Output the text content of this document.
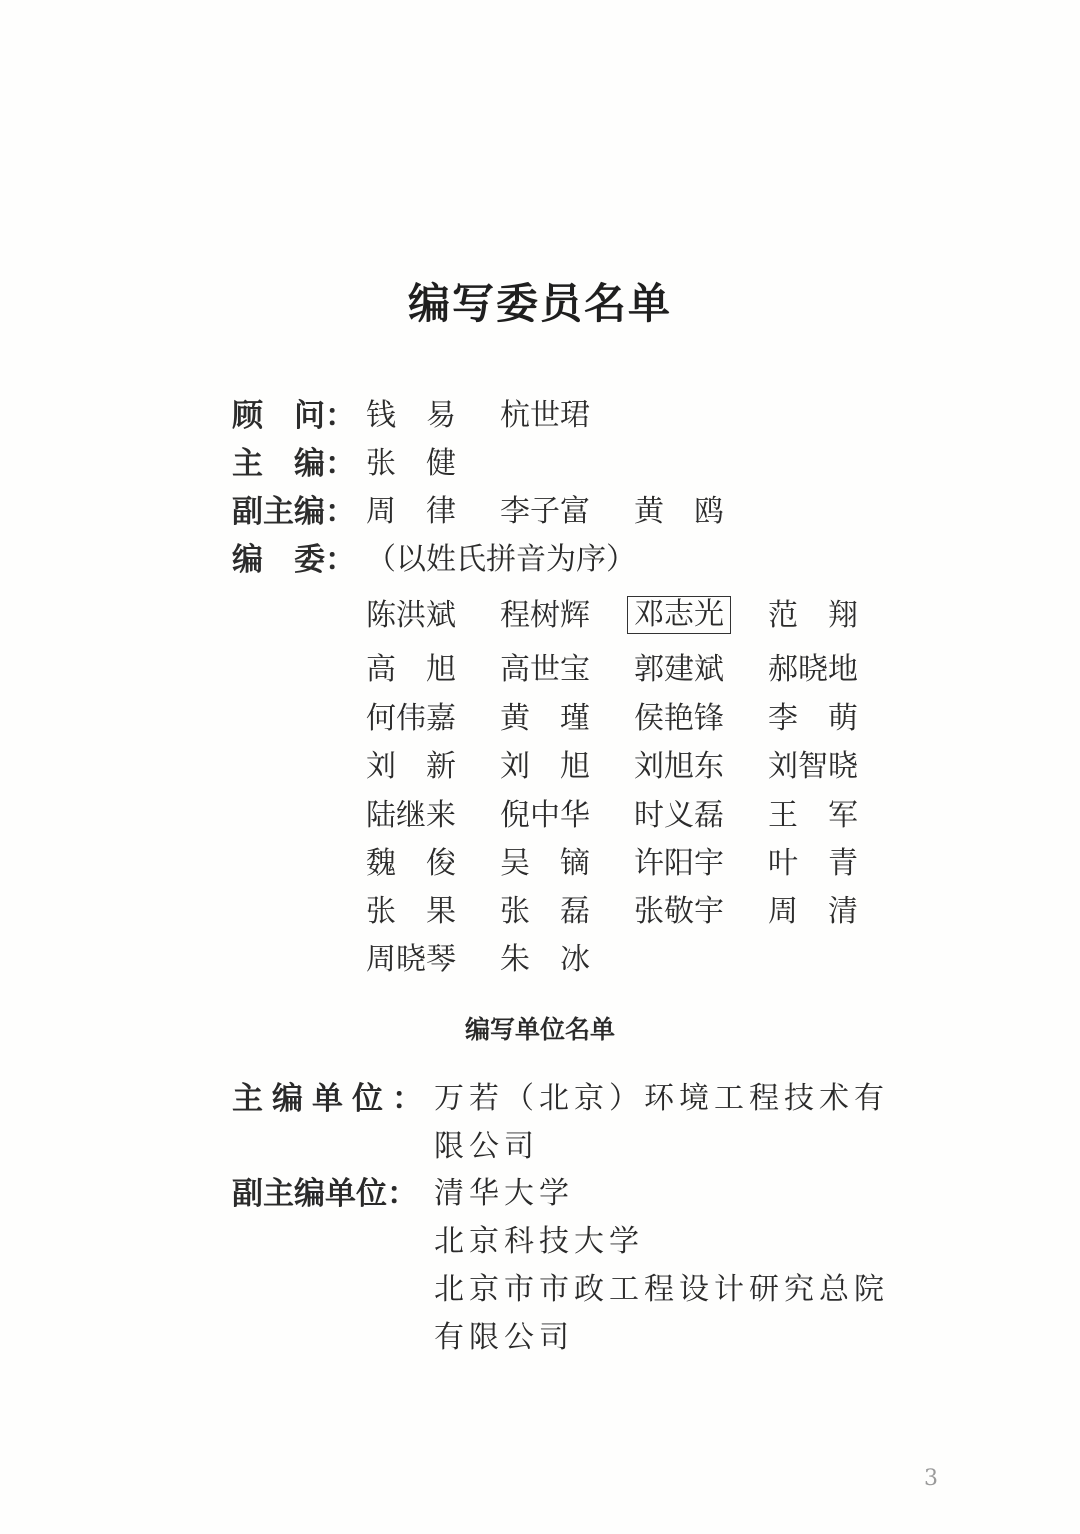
编写委员名单
顾　问： 钱　易 杭世珺
主　编： 张　健
副主编： 周　律 李子富 黄　鸥
编　委： （以姓氏拼音为序）
陈洪斌 程树辉 邓志光 范　翔
高　旭 高世宝 郭建斌 郝晓地
何伟嘉 黄　瑾 侯艳锋 李　萌
刘　新 刘　旭 刘旭东 刘智晓
陆继来 倪中华 时义磊 王　军
魏　俊 吴　镝 许阳宇 叶　青
张　果 张　磊 张敬宇 周　清
周晓琴 朱　冰
编写单位名单
主编单位： 万若（北京）环境工程技术有
限公司
副主编单位： 清华大学
北京科技大学
北京市市政工程设计研究总院
有限公司
3
